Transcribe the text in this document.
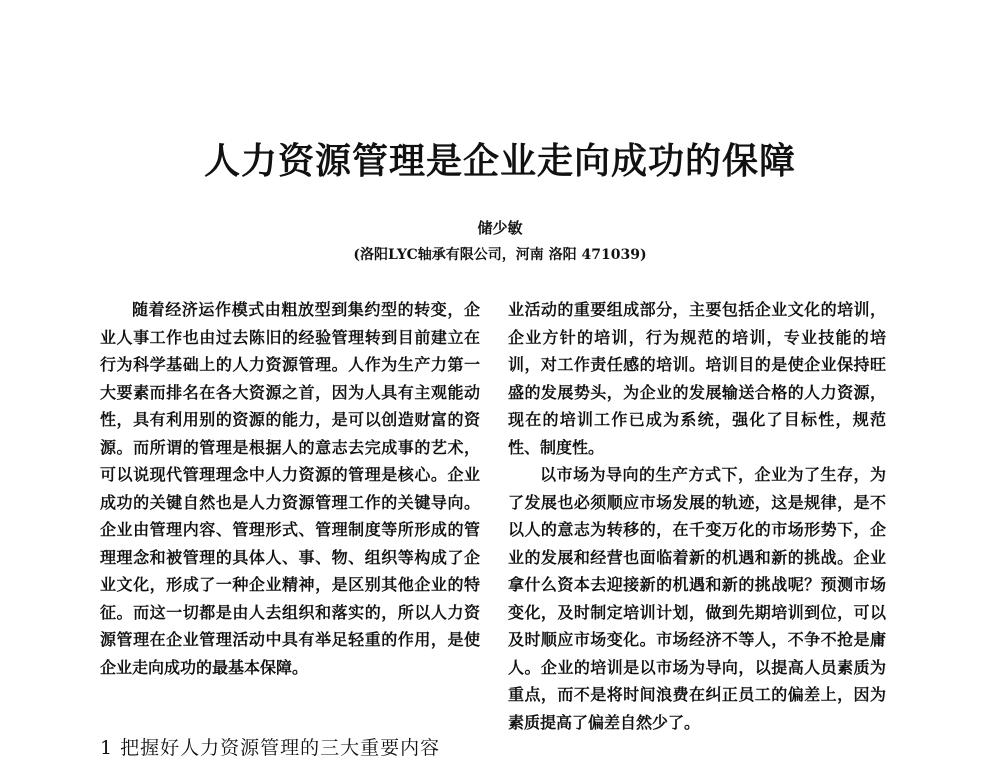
人力资源管理是企业走向成功的保障
储少敏
(洛阳LYC轴承有限公司，河南 洛阳 471039)

随着经济运作模式由粗放型到集约型的转变，企业人事工作也由过去陈旧的经验管理转到目前建立在行为科学基础上的人力资源管理。人作为生产力第一大要素而排名在各大资源之首，因为人具有主观能动性，具有利用别的资源的能力，是可以创造财富的资源。而所谓的管理是根据人的意志去完成事的艺术，可以说现代管理理念中人力资源的管理是核心。企业成功的关键自然也是人力资源管理工作的关键导向。企业由管理内容、管理形式、管理制度等所形成的管理理念和被管理的具体人、事、物、组织等构成了企业文化，形成了一种企业精神，是区别其他企业的特征。而这一切都是由人去组织和落实的，所以人力资源管理在企业管理活动中具有举足轻重的作用，是使企业走向成功的最基本保障。

1 把握好人力资源管理的三大重要内容

业活动的重要组成部分，主要包括企业文化的培训，企业方针的培训，行为规范的培训，专业技能的培训，对工作责任感的培训。培训目的是使企业保持旺盛的发展势头，为企业的发展输送合格的人力资源，现在的培训工作已成为系统，强化了目标性，规范性、制度性。

以市场为导向的生产方式下，企业为了生存，为了发展也必须顺应市场发展的轨迹，这是规律，是不以人的意志为转移的，在千变万化的市场形势下，企业的发展和经营也面临着新的机遇和新的挑战。企业拿什么资本去迎接新的机遇和新的挑战呢？预测市场变化，及时制定培训计划，做到先期培训到位，可以及时顺应市场变化。市场经济不等人，不争不抢是庸人。企业的培训是以市场为导向，以提高人员素质为重点，而不是将时间浪费在纠正员工的偏差上，因为素质提高了偏差自然少了。
